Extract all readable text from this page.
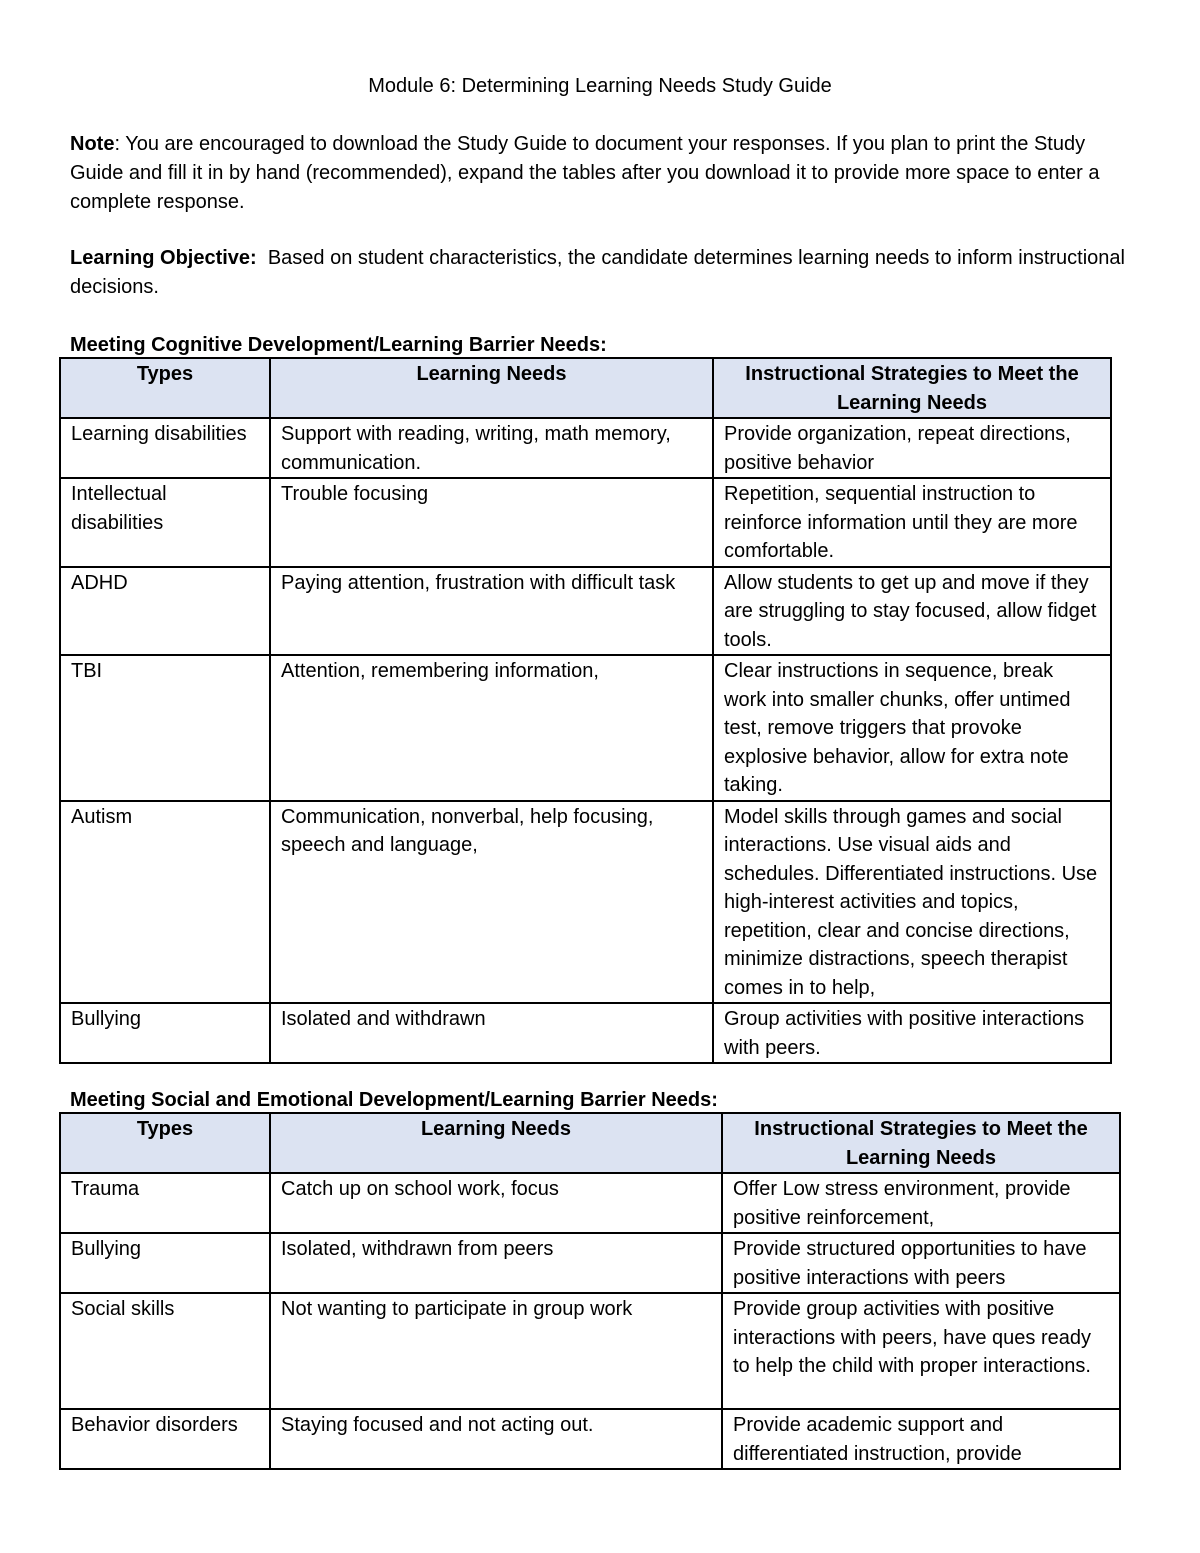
Module 6: Determining Learning Needs Study Guide
Note: You are encouraged to download the Study Guide to document your responses. If you plan to print the Study Guide and fill it in by hand (recommended), expand the tables after you download it to provide more space to enter a complete response.
Learning Objective:  Based on student characteristics, the candidate determines learning needs to inform instructional decisions.
Meeting Cognitive Development/Learning Barrier Needs:
Types	Learning Needs	Instructional Strategies to Meet the Learning Needs
Learning disabilities	Support with reading, writing, math memory, communication.	Provide organization, repeat directions, positive behavior
Intellectual disabilities	Trouble focusing	Repetition, sequential instruction to reinforce information until they are more comfortable.
ADHD	Paying attention, frustration with difficult task	Allow students to get up and move if they are struggling to stay focused, allow fidget tools.
TBI	Attention, remembering information,	Clear instructions in sequence, break work into smaller chunks, offer untimed test, remove triggers that provoke explosive behavior, allow for extra note taking.
Autism	Communication, nonverbal, help focusing, speech and language,	Model skills through games and social interactions. Use visual aids and schedules. Differentiated instructions. Use high-interest activities and topics, repetition, clear and concise directions, minimize distractions, speech therapist comes in to help,
Bullying	Isolated and withdrawn	Group activities with positive interactions with peers.
Meeting Social and Emotional Development/Learning Barrier Needs:
Types	Learning Needs	Instructional Strategies to Meet the Learning Needs
Trauma	Catch up on school work, focus	Offer Low stress environment, provide positive reinforcement,
Bullying	Isolated, withdrawn from peers	Provide structured opportunities to have positive interactions with peers
Social skills	Not wanting to participate in group work	Provide group activities with positive interactions with peers, have ques ready to help the child with proper interactions.
Behavior disorders	Staying focused and not acting out.	Provide academic support and differentiated instruction, provide
